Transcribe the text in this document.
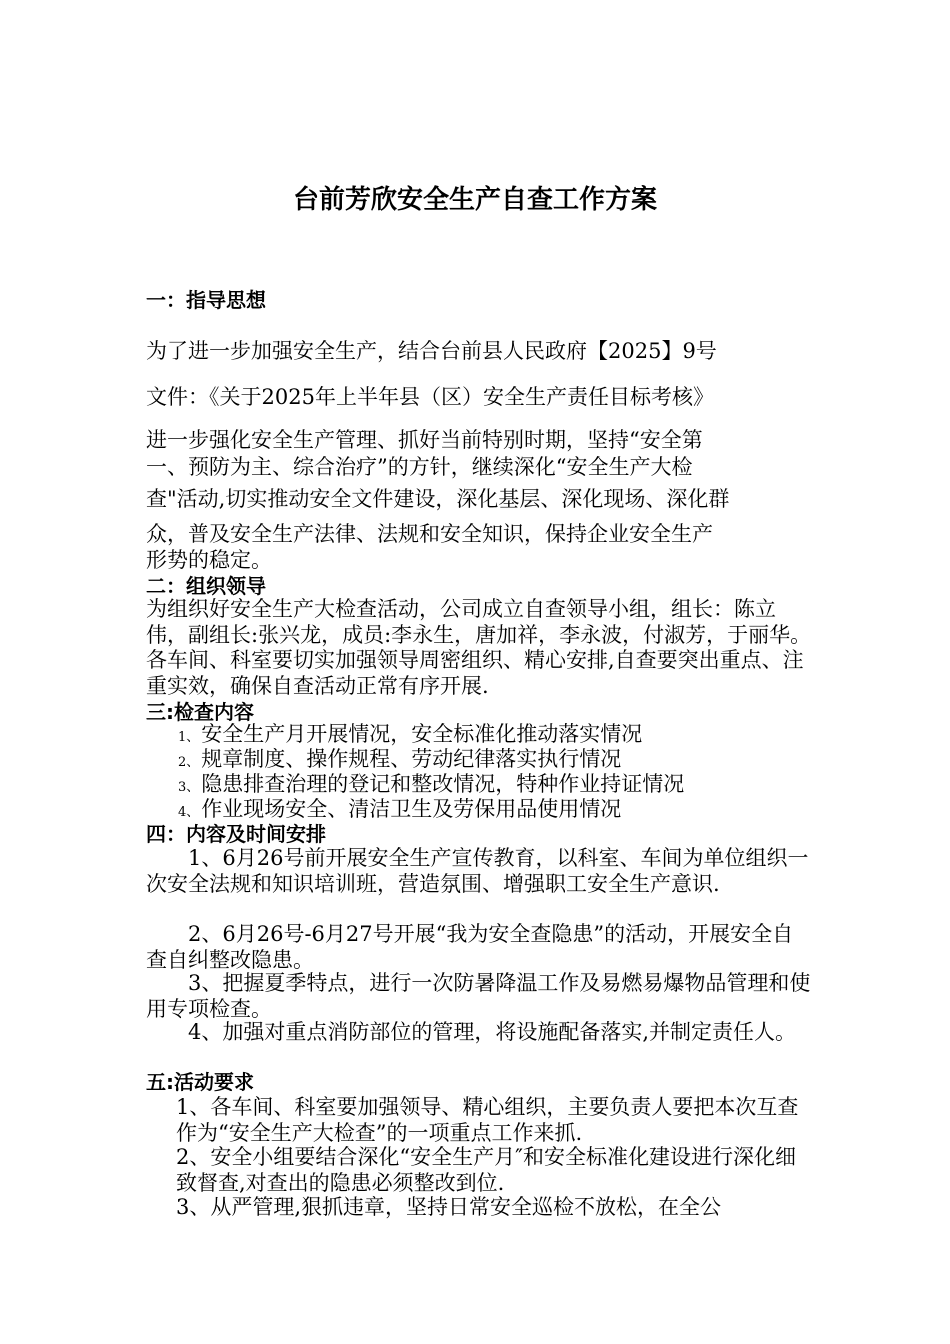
台前芳欣安全生产自查工作方案
一：指导思想

为了进一步加强安全生产，结合台前县人民政府【2025】9号

文件：《关于2025年上半年县（区）安全生产责任目标考核》

进一步强化安全生产管理、抓好当前特别时期，坚持“安全第

一、预防为主、综合治疗”的方针，继续深化“安全生产大检

查"活动,切实推动安全文件建设，深化基层、深化现场、深化群

众，普及安全生产法律、法规和安全知识，保持企业安全生产

形势的稳定。

二：组织领导

为组织好安全生产大检查活动，公司成立自查领导小组，组长：陈立伟，副组长:张兴龙，成员:李永生，唐加祥，李永波，付淑芳，于丽华。各车间、科室要切实加强领导周密组织、精心安排,自查要突出重点、注重实效，确保自查活动正常有序开展.

三:检查内容

1、安全生产月开展情况，安全标准化推动落实情况

2、规章制度、操作规程、劳动纪律落实执行情况

3、隐患排查治理的登记和整改情况，特种作业持证情况

4、作业现场安全、清洁卫生及劳保用品使用情况

四：内容及时间安排

1、6月26号前开展安全生产宣传教育，以科室、车间为单位组织一次安全法规和知识培训班，营造氛围、增强职工安全生产意识.

2、6月26号-6月27号开展“我为安全查隐患”的活动，开展安全自查自纠整改隐患。

3、把握夏季特点，进行一次防暑降温工作及易燃易爆物品管理和使用专项检查。

4、加强对重点消防部位的管理，将设施配备落实,并制定责任人。

五:活动要求

1、各车间、科室要加强领导、精心组织，主要负责人要把本次互查作为“安全生产大检查”的一项重点工作来抓.

2、安全小组要结合深化“安全生产月″和安全标准化建设进行深化细致督查,对查出的隐患必须整改到位.

3、从严管理,狠抓违章，坚持日常安全巡检不放松，在全公
